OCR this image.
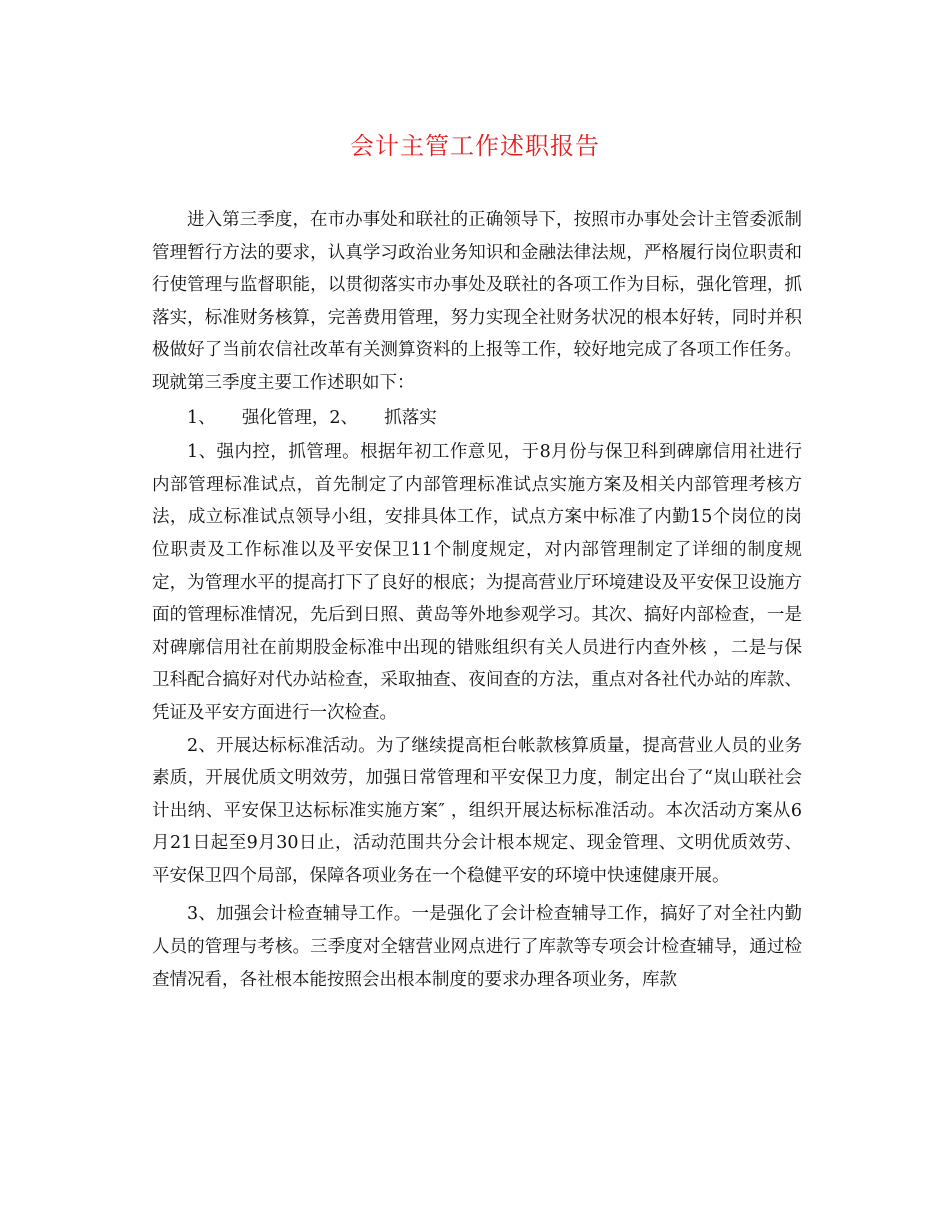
会计主管工作述职报告

进入第三季度，在市办事处和联社的正确领导下，按照市办事处会计主管委派制管理暂行方法的要求，认真学习政治业务知识和金融法律法规，严格履行岗位职责和行使管理与监督职能，以贯彻落实市办事处及联社的各项工作为目标，强化管理，抓落实，标准财务核算，完善费用管理，努力实现全社财务状况的根本好转，同时并积极做好了当前农信社改革有关测算资料的上报等工作，较好地完成了各项工作任务。现就第三季度主要工作述职如下：

1、　　强化管理，2、　　抓落实

1、强内控，抓管理。根据年初工作意见，于8月份与保卫科到碑廓信用社进行内部管理标准试点，首先制定了内部管理标准试点实施方案及相关内部管理考核方法，成立标准试点领导小组，安排具体工作，试点方案中标准了内勤15个岗位的岗位职责及工作标准以及平安保卫11个制度规定，对内部管理制定了详细的制度规定，为管理水平的提高打下了良好的根底；为提高营业厅环境建设及平安保卫设施方面的管理标准情况，先后到日照、黄岛等外地参观学习。其次、搞好内部检查，一是对碑廓信用社在前期股金标准中出现的错账组织有关人员进行内查外核 ，二是与保卫科配合搞好对代办站检查，采取抽查、夜间查的方法，重点对各社代办站的库款、凭证及平安方面进行一次检查。

2、开展达标标准活动。为了继续提高柜台帐款核算质量，提高营业人员的业务素质，开展优质文明效劳，加强日常管理和平安保卫力度，制定出台了“岚山联社会计出纳、平安保卫达标标准实施方案″ ，组织开展达标标准活动。本次活动方案从6月21日起至9月30日止，活动范围共分会计根本规定、现金管理、文明优质效劳、平安保卫四个局部，保障各项业务在一个稳健平安的环境中快速健康开展。

3、加强会计检查辅导工作。一是强化了会计检查辅导工作，搞好了对全社内勤人员的管理与考核。三季度对全辖营业网点进行了库款等专项会计检查辅导，通过检查情况看，各社根本能按照会出根本制度的要求办理各项业务，库款
